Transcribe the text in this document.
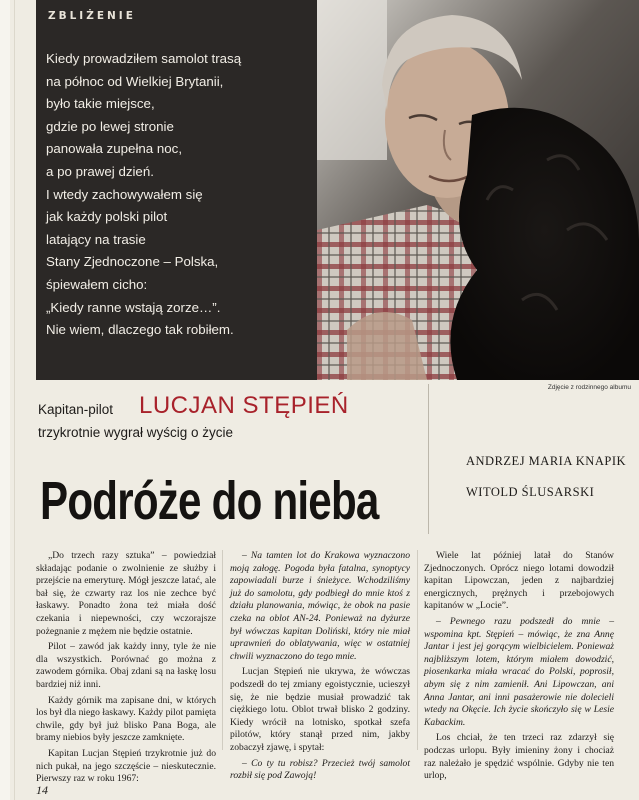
ZBLIŻENIE
Kiedy prowadziłem samolot trasą
na północ od Wielkiej Brytanii,
było takie miejsce,
gdzie po lewej stronie
panowała zupełna noc,
a po prawej dzień.
I wtedy zachowywałem się
jak każdy polski pilot
latający na trasie
Stany Zjednoczone – Polska,
śpiewałem cicho:
„Kiedy ranne wstają zorze…”.
Nie wiem, dlaczego tak robiłem.
Zdjęcie z rodzinnego albumu
Kapitan-pilot LUCJAN STĘPIEŃ
trzykrotnie wygrał wyścig o życie
Podróże do nieba
ANDRZEJ MARIA KNAPIK
WITOLD ŚLUSARSKI

„Do trzech razy sztuka” – powiedział składając podanie o zwolnienie ze służby i przejście na emeryturę. Mógł jeszcze latać, ale bał się, że czwarty raz los nie zechce być łaskawy. Ponadto żona też miała dość czekania i niepewności, czy wczorajsze pożegnanie z mężem nie będzie ostatnie.

Pilot – zawód jak każdy inny, tyle że nie dla wszystkich. Porównać go można z zawodem górnika. Obaj zdani są na łaskę losu bardziej niż inni.

Każdy górnik ma zapisane dni, w których los był dla niego łaskawy. Każdy pilot pamięta chwile, gdy był już blisko Pana Boga, ale bramy niebios były jeszcze zamknięte.

Kapitan Lucjan Stępień trzykrotnie już do nich pukał, na jego szczęście – nieskutecznie. Pierwszy raz w roku 1967:

– Na tamten lot do Krakowa wyznaczono moją załogę. Pogoda była fatalna, synoptycy zapowiadali burze i śnieżyce. Wchodziliśmy już do samolotu, gdy podbiegł do mnie ktoś z działu planowania, mówiąc, że obok na pasie czeka na oblot AN-24. Ponieważ na dyżurze był wówczas kapitan Doliński, który nie miał uprawnień do oblatywania, więc w ostatniej chwili wyznaczono do tego mnie.

Lucjan Stępień nie ukrywa, że wówczas podszedł do tej zmiany egoistycznie, ucieszył się, że nie będzie musiał prowadzić tak ciężkiego lotu. Oblot trwał blisko 2 godziny. Kiedy wrócił na lotnisko, spotkał szefa pilotów, który stanął przed nim, jakby zobaczył zjawę, i spytał:

– Co ty tu robisz? Przecież twój samolot rozbił się pod Zawoją!

Wiele lat później latał do Stanów Zjednoczonych. Oprócz niego lotami dowodził kapitan Lipowczan, jeden z najbardziej energicznych, prężnych i przebojowych kapitanów w „Locie”.

– Pewnego razu podszedł do mnie – wspomina kpt. Stępień – mówiąc, że zna Annę Jantar i jest jej gorącym wielbicielem. Ponieważ najbliższym lotem, którym miałem dowodzić, piosenkarka miała wracać do Polski, poprosił, abym się z nim zamienił. Ani Lipowczan, ani Anna Jantar, ani inni pasażerowie nie dolecieli wtedy na Okęcie. Ich życie skończyło się w Lesie Kabackim.

Los chciał, że ten trzeci raz zdarzył się podczas urlopu. Były imieniny żony i chociaż raz należało je spędzić wspólnie. Gdyby nie ten urlop,

14
